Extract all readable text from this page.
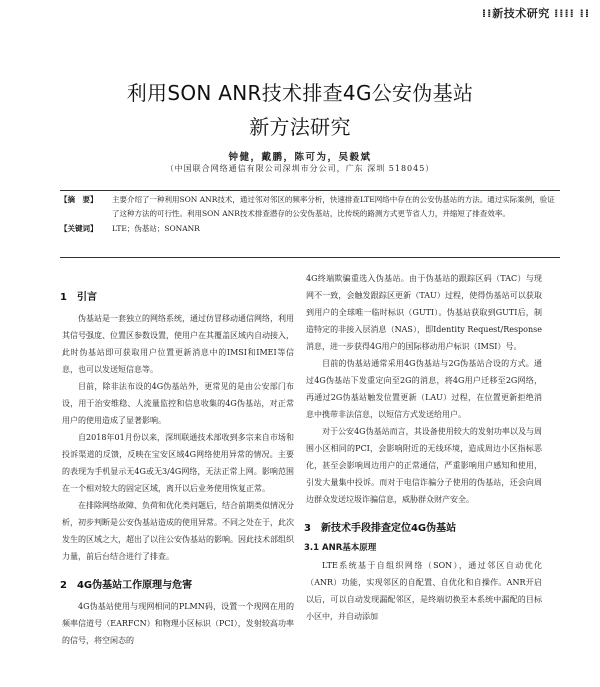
⁞⁞新技术研究 ⁞⁞⁞⁞ ⁞⁞
利用SON ANR技术排查4G公安伪基站
新方法研究
钟健，戴鹏，陈可为，吴毅斌
（中国联合网络通信有限公司深圳市分公司，广东 深圳 518045）
【摘　要】	主要介绍了一种利用SON ANR技术，通过邻对邻区的频率分析，快速排查LTE网络中存在的公安伪基站的方法。通过实际案例，验证了这种方法的可行性。利用SON ANR技术排查潜存的公安伪基站，比传统的路测方式更节省人力，并缩短了排查效率。
【关键词】	LTE；伪基站；SONANR
1　引言

伪基站是一套独立的网络系统，通过仿冒移动通信网络，利用其信号强度、位置区参数设置，使用户在其覆盖区域内自动接入，此时伪基站即可获取用户位置更新消息中的IMSI和IMEI等信息，也可以发送短信息等。

目前，除非法布设的4G伪基站外，更常见的是由公安部门布设，用于治安维稳、人流量监控和信息收集的4G伪基站，对正常用户的使用造成了显著影响。

自2018年01月份以来，深圳联通技术部收到多宗来自市场和投诉渠道的反馈，反映在宝安区域4G网络使用异常的情况。主要的表现为手机显示无4G或无3/4G网络，无法正常上网。影响范围在一个相对较大的固定区域，离开以后业务使用恢复正常。

在排除网络故障、负荷和优化类问题后，结合前期类似情况分析，初步判断是公安伪基站造成的使用异常。不同之处在于，此次发生的区域之大，超出了以往公安伪基站的影响。因此技术部组织力量，前后台结合进行了排查。

2　4G伪基站工作原理与危害

4G伪基站使用与现网相同的PLMN码，设置一个现网在用的频率信道号（EARFCN）和物理小区标识（PCI），发射较高功率的信号，将空闲态的

4G终端欺骗重选入伪基站。由于伪基站的跟踪区码（TAC）与现网不一致，会触发跟踪区更新（TAU）过程，使得伪基站可以获取到用户的全球唯一临时标识（GUTI）。伪基站获取到GUTI后，制造特定的非接入层消息（NAS），即Identity Request/Response消息，进一步获得4G用户的国际移动用户标识（IMSI）号。

目前的伪基站通常采用4G伪基站与2G伪基站合设的方式。通过4G伪基站下发重定向至2G的消息，将4G用户迁移至2G网络，再通过2G伪基站触发位置更新（LAU）过程，在位置更新拒绝消息中携带非法信息，以短信方式发送给用户。

对于公安4G伪基站而言，其设备使用较大的发射功率以及与周围小区相同的PCI，会影响附近的无线环境，造成周边小区指标恶化，甚至会影响周边用户的正常通信，严重影响用户感知和使用，引发大量集中投诉。而对于电信诈骗分子使用的伪基站，还会向周边群众发送垃圾诈骗信息，威胁群众财产安全。

3　新技术手段排查定位4G伪基站
3.1 ANR基本原理

LTE系统基于自组织网络（SON），通过邻区自动优化（ANR）功能，实现邻区的自配置、自优化和自操作。ANR开启以后，可以自动发现漏配邻区，是终端切换至本系统中漏配的目标小区中，并自动添加
